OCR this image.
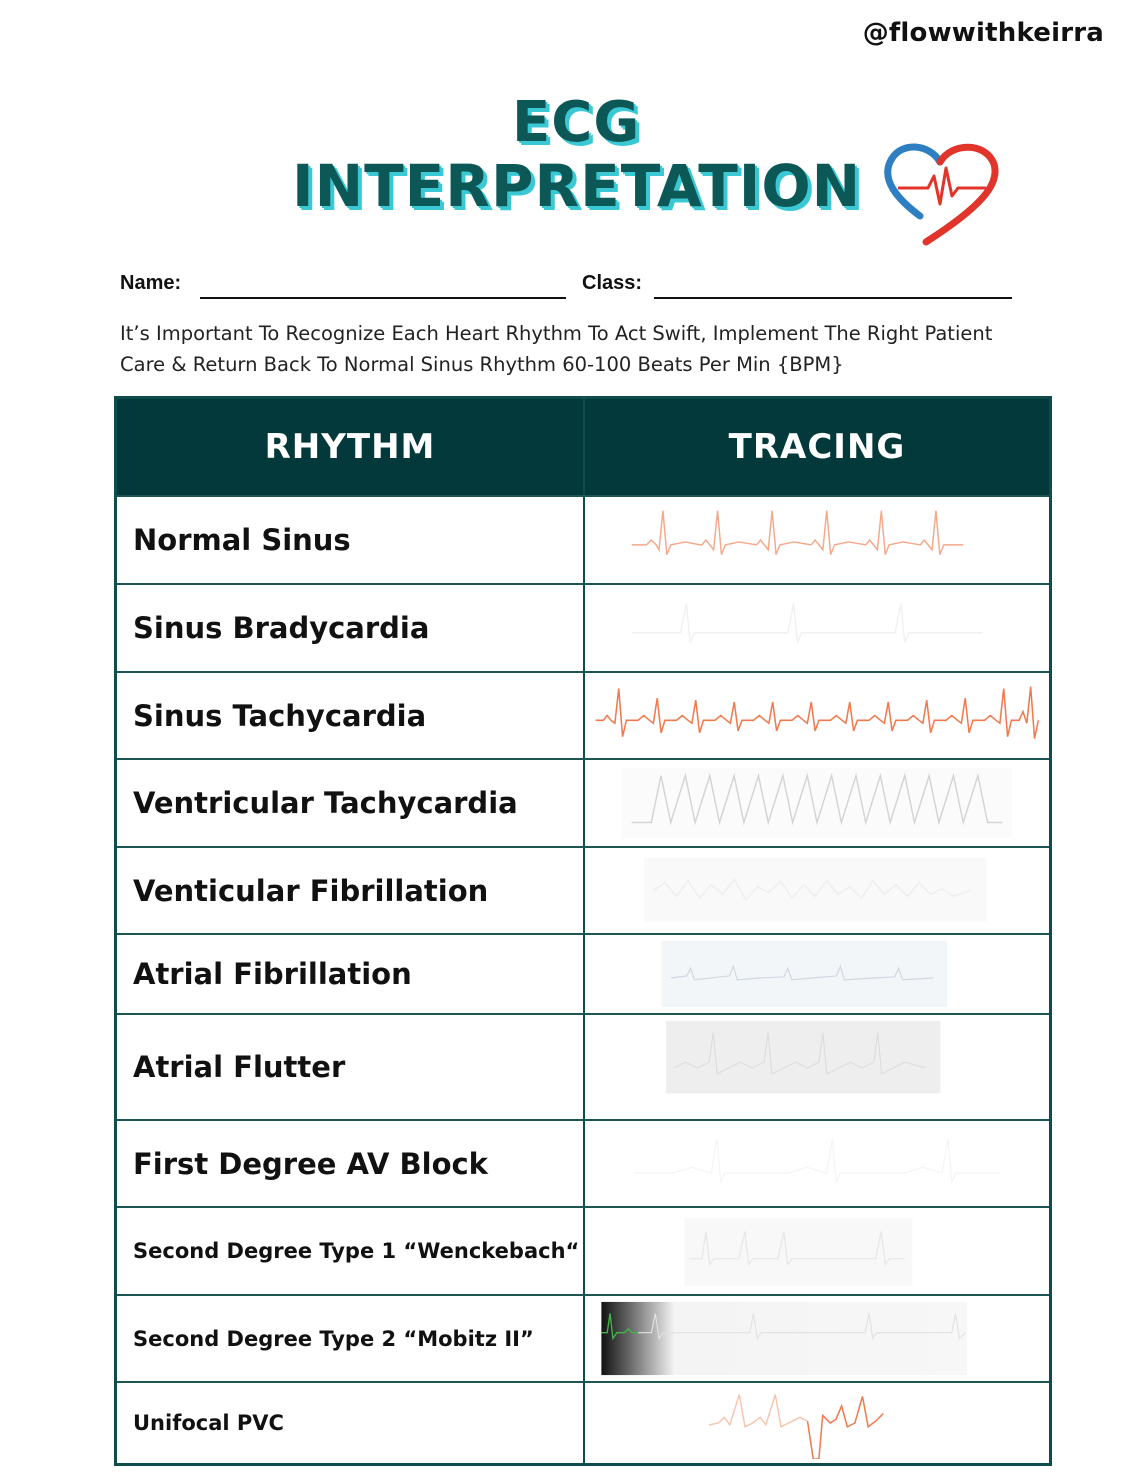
@flowwithkeirra
ECG
INTERPRETATION
Name:	Class:
It’s Important To Recognize Each Heart Rhythm To Act Swift, Implement The Right Patient Care & Return Back To Normal Sinus Rhythm 60-100 Beats Per Min {BPM}
RHYTHM	TRACING
Normal Sinus
Sinus Bradycardia
Sinus Tachycardia
Ventricular Tachycardia
Venticular Fibrillation
Atrial Fibrillation
Atrial Flutter
First Degree AV Block
Second Degree Type 1 “Wenckebach“
Second Degree Type 2 “Mobitz II”
Unifocal PVC
